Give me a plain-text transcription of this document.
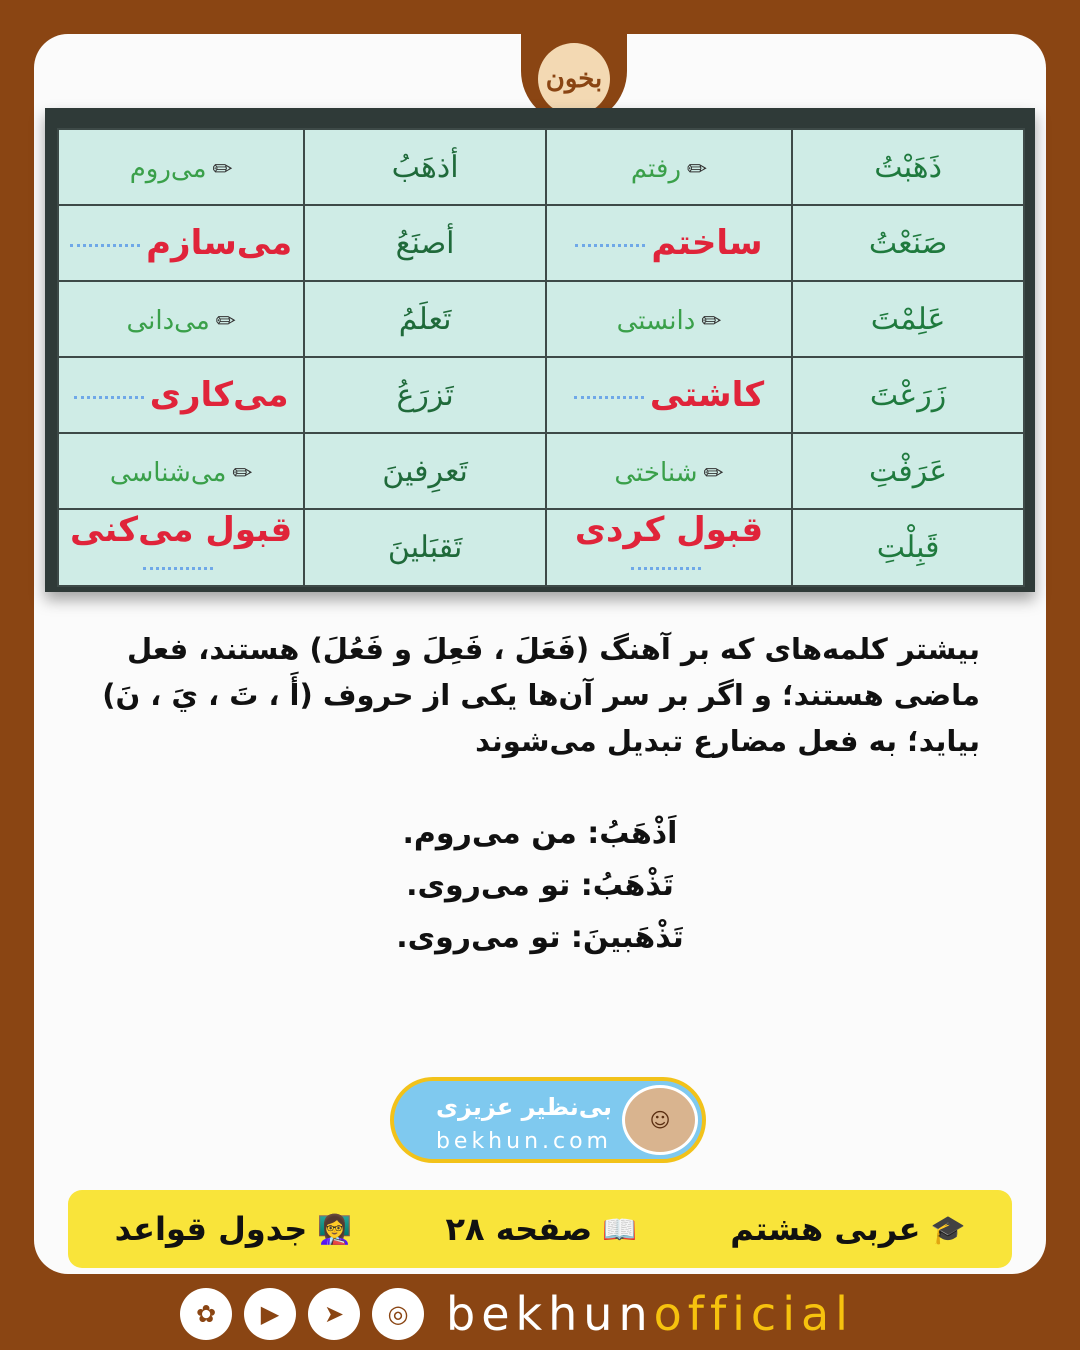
بخون
ذَهَبْتُ	✏رفتم	أذهَبُ	✏می‌روم
صَنَعْتُ	ساختم	أصنَعُ	می‌سازم
عَلِمْتَ	✏دانستی	تَعلَمُ	✏می‌دانی
زَرَعْتَ	کاشتی	تَزرَعُ	می‌کاری
عَرَفْتِ	✏شناختی	تَعرِفينَ	✏می‌شناسی
قَبِلْتِ	قبول کردی	تَقبَلينَ	قبول می‌کنی
بیشتر کلمه‌های که بر آهنگ (فَعَلَ ، فَعِلَ و فَعُلَ) هستند، فعل ماضی هستند؛ و اگر بر سر آن‌ها یکی از حروف (أَ ، تَ ، يَ ، نَ) بیاید؛ به فعل مضارع تبدیل می‌شوند
اَذْهَبُ: من می‌روم.
تَذْهَبُ: تو می‌روی.
تَذْهَبينَ: تو می‌روی.
☺
بی‌نظیر عزیزی
bekhun.com
👩‍🏫
جدول قواعد	📖
صفحه ۲۸	🎓
عربی هشتم
✿	▶	➤	◎ bekhunofficial
